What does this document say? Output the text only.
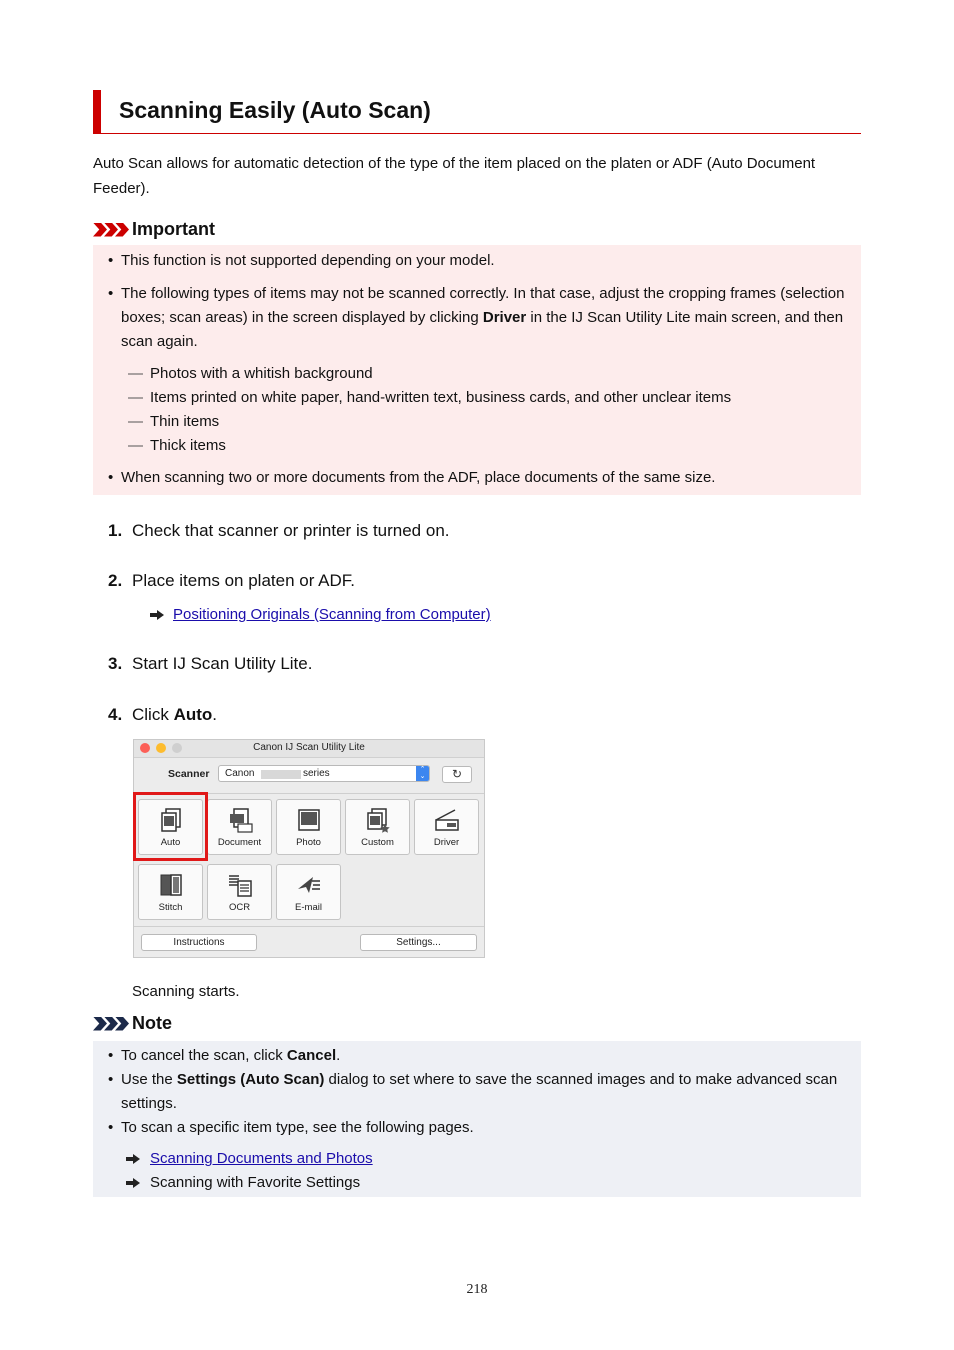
Scanning Easily (Auto Scan)
Auto Scan allows for automatic detection of the type of the item placed on the platen or ADF (Auto Document Feeder).
Important
• This function is not supported depending on your model.
• The following types of items may not be scanned correctly. In that case, adjust the cropping frames (selection boxes; scan areas) in the screen displayed by clicking Driver in the IJ Scan Utility Lite main screen, and then scan again.
— Photos with a whitish background
— Items printed on white paper, hand-written text, business cards, and other unclear items
— Thin items
— Thick items
• When scanning two or more documents from the ADF, place documents of the same size.
1. Check that scanner or printer is turned on.
2. Place items on platen or ADF.
Positioning Originals (Scanning from Computer)
3. Start IJ Scan Utility Lite.
4. Click Auto.
Canon IJ Scan Utility Lite
Scanner Canon	series	⌃
⌄	↻
Auto	Document	Photo	Custom	Driver
Stitch	OCR	E-mail
Instructions	Settings...
Scanning starts.
Note
• To cancel the scan, click Cancel.
• Use the Settings (Auto Scan) dialog to set where to save the scanned images and to make advanced scan settings.
• To scan a specific item type, see the following pages.
Scanning Documents and Photos
Scanning with Favorite Settings
218
